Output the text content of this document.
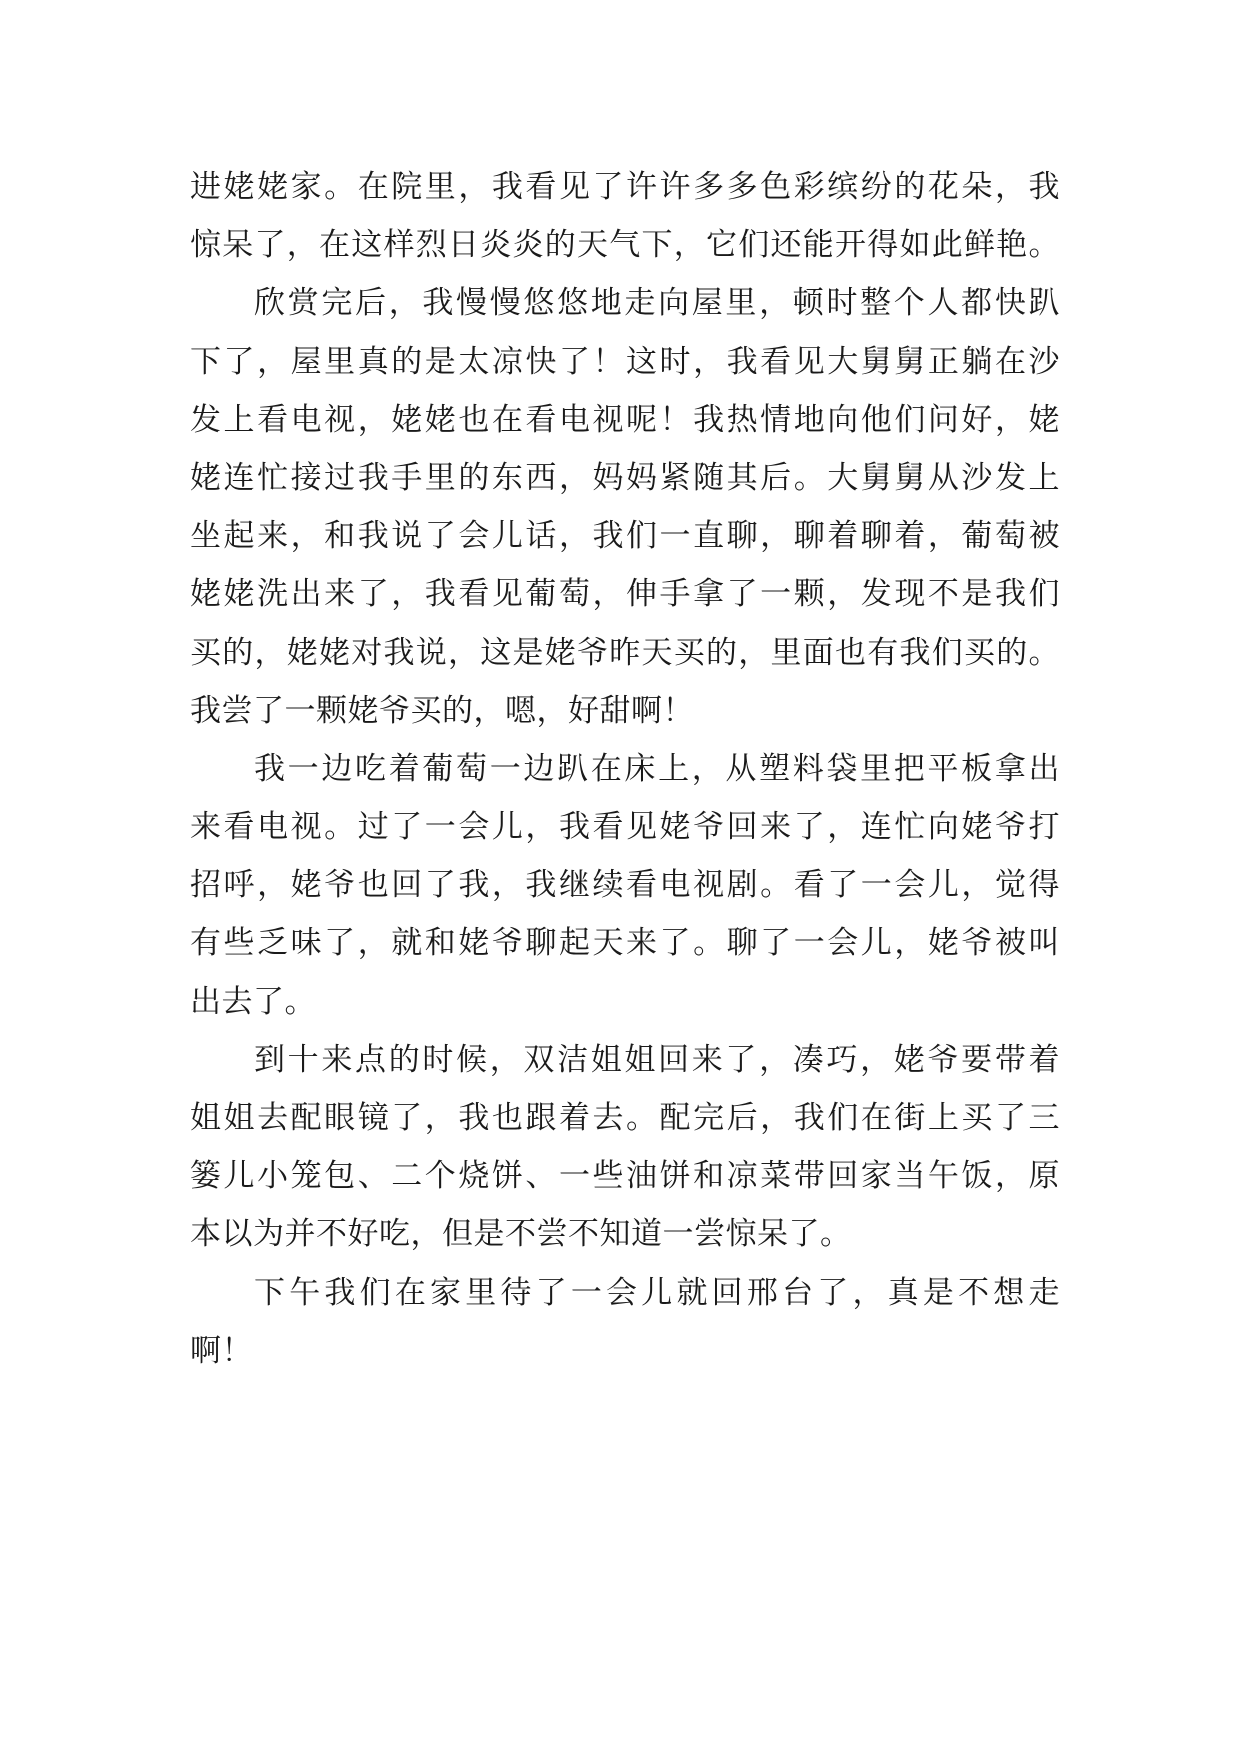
进姥姥家。在院里，我看见了许许多多色彩缤纷的花朵，我
惊呆了，在这样烈日炎炎的天气下，它们还能开得如此鲜艳。
欣赏完后，我慢慢悠悠地走向屋里，顿时整个人都快趴
下了，屋里真的是太凉快了！这时，我看见大舅舅正躺在沙
发上看电视，姥姥也在看电视呢！我热情地向他们问好，姥
姥连忙接过我手里的东西，妈妈紧随其后。大舅舅从沙发上
坐起来，和我说了会儿话，我们一直聊，聊着聊着，葡萄被
姥姥洗出来了，我看见葡萄，伸手拿了一颗，发现不是我们
买的，姥姥对我说，这是姥爷昨天买的，里面也有我们买的。
我尝了一颗姥爷买的，嗯，好甜啊！
我一边吃着葡萄一边趴在床上，从塑料袋里把平板拿出
来看电视。过了一会儿，我看见姥爷回来了，连忙向姥爷打
招呼，姥爷也回了我，我继续看电视剧。看了一会儿，觉得
有些乏味了，就和姥爷聊起天来了。聊了一会儿，姥爷被叫
出去了。
到十来点的时候，双洁姐姐回来了，凑巧，姥爷要带着
姐姐去配眼镜了，我也跟着去。配完后，我们在街上买了三
篓儿小笼包、二个烧饼、一些油饼和凉菜带回家当午饭，原
本以为并不好吃，但是不尝不知道一尝惊呆了。
下午我们在家里待了一会儿就回邢台了，真是不想走
啊！
